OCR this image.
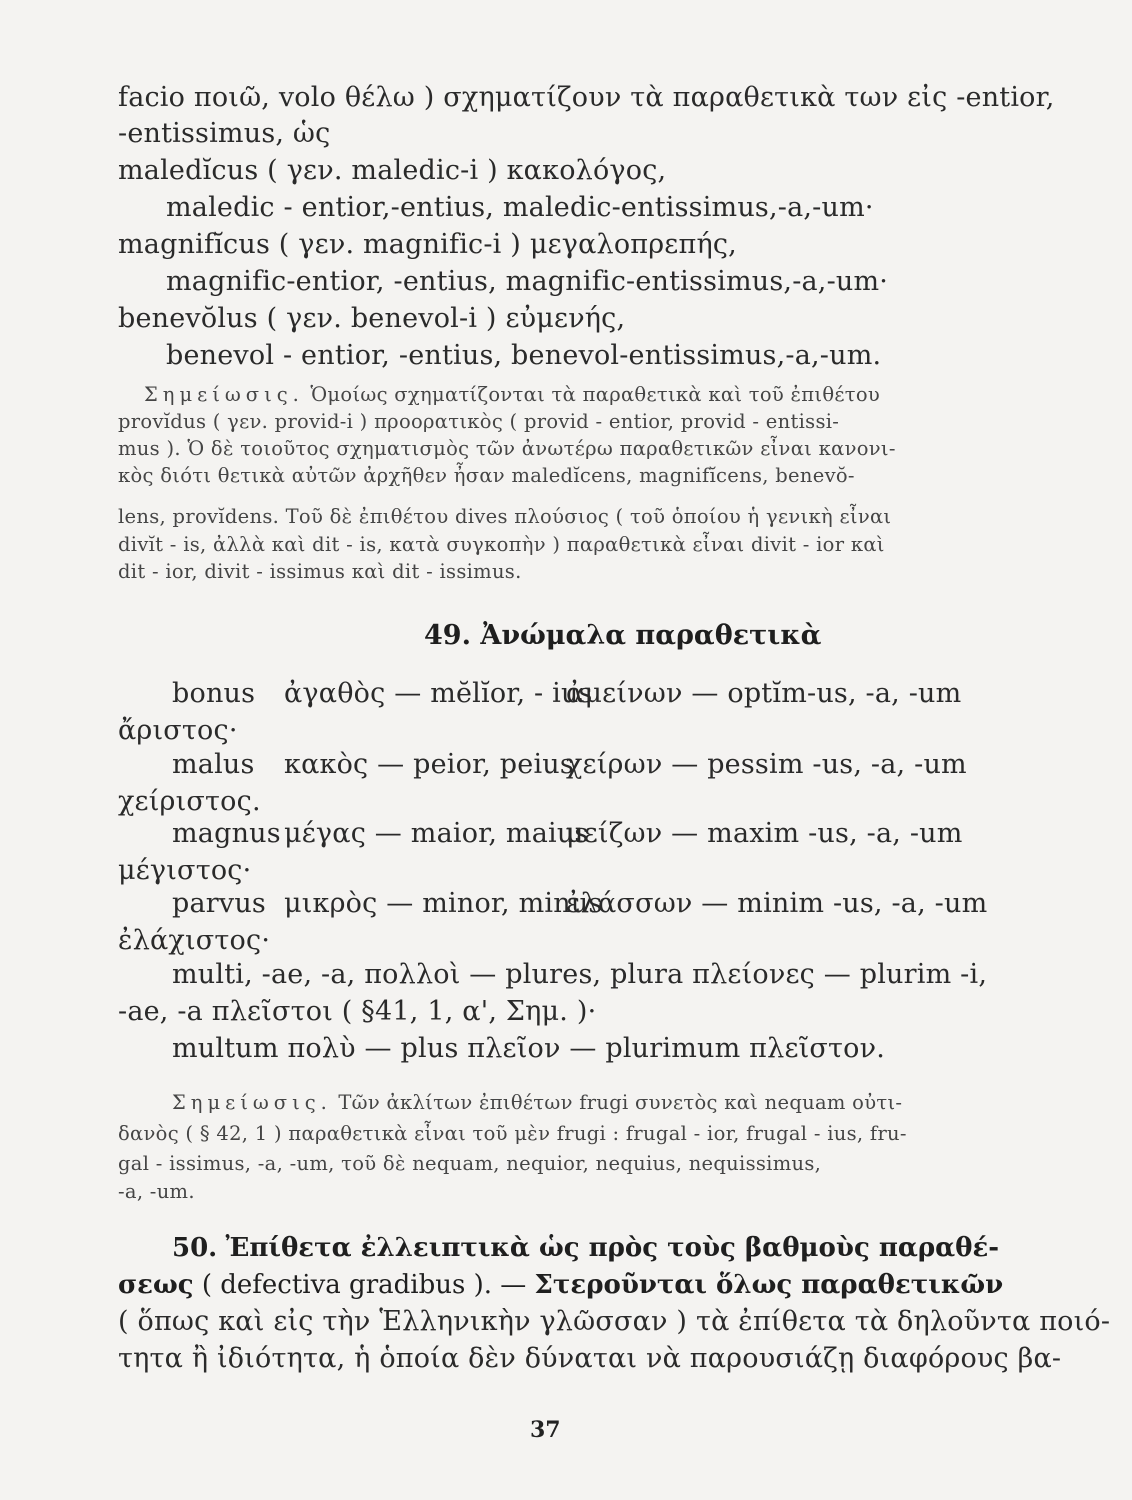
facio ποιῶ, volo θέλω ) σχηματίζουν τὰ παραθετικὰ των εἰς -entior,

-entissimus, ὡς

maledĭcus ( γεν. maledic-i ) κακολόγος,

maledic - entior,-entius, maledic-entissimus,-a,-um·

magnifĭcus ( γεν. magnific-i ) μεγαλοπρεπής,

magnific-entior, -entius, magnific-entissimus,-a,-um·

benevŏlus ( γεν. benevol-i ) εὐμενής,

benevol - entior, -entius, benevol-entissimus,-a,-um.

Σημείωσις. Ὁμοίως σχηματίζονται τὰ παραθετικὰ καὶ τοῦ ἐπιθέτου

provĭdus ( γεν. provid-i ) προορατικὸς ( provid - entior, provid - entissi-

mus ). Ὁ δὲ τοιοῦτος σχηματισμὸς τῶν ἀνωτέρω παραθετικῶν εἶναι κανονι-

κὸς διότι θετικὰ αὐτῶν ἀρχῆθεν ἦσαν maledĭcens, magnifĭcens, benevŏ-

lens, provĭdens. Τοῦ δὲ ἐπιθέτου dives πλούσιος ( τοῦ ὁποίου ἡ γενικὴ εἶναι

divĭt - is, ἀλλὰ καὶ dit - is, κατὰ συγκοπὴν ) παραθετικὰ εἶναι divit - ior καὶ

dit - ior, divit - issimus καὶ dit - issimus.

49. Ἀνώμαλα παραθετικὰ

bonus ἀγαθὸς — mĕlĭor, - ius
ἀμείνων — optĭm-us, -a, -um
ἄριστος·
malus κακὸς — peior, peius
χείρων — pessim -us, -a, -um
χείριστος.
magnus μέγας — maior, maius
μείζων — maxim -us, -a, -um
μέγιστος·
parvus μικρὸς — minor, minus
ἐλάσσων — minim -us, -a, -um
ἐλάχιστος·

multi, -ae, -a, πολλοὶ — plures, plura πλείονες — plurim -i,

-ae, -a πλεῖστοι ( §41, 1, α', Σημ. )·

multum πολὺ — plus πλεῖον — plurimum πλεῖστον.

Σημείωσις. Τῶν ἀκλίτων ἐπιθέτων frugi συνετὸς καὶ nequam οὐτι-

δανὸς ( § 42, 1 ) παραθετικὰ εἶναι τοῦ μὲν frugi : frugal - ior, frugal - ius, fru-

gal - issimus, -a, -um, τοῦ δὲ nequam, nequior, nequius, nequissimus,

-a, -um.

50. Ἐπίθετα ἐλλειπτικὰ ὡς πρὸς τοὺς βαθμοὺς παραθέ-

σεως ( defectiva gradibus ). — Στεροῦνται ὅλως παραθετικῶν

( ὅπως καὶ εἰς τὴν Ἑλληνικὴν γλῶσσαν ) τὰ ἐπίθετα τὰ δηλοῦντα ποιό-

τητα ἢ ἰδιότητα, ἡ ὁποία δὲν δύναται νὰ παρουσιάζῃ διαφόρους βα-

37
